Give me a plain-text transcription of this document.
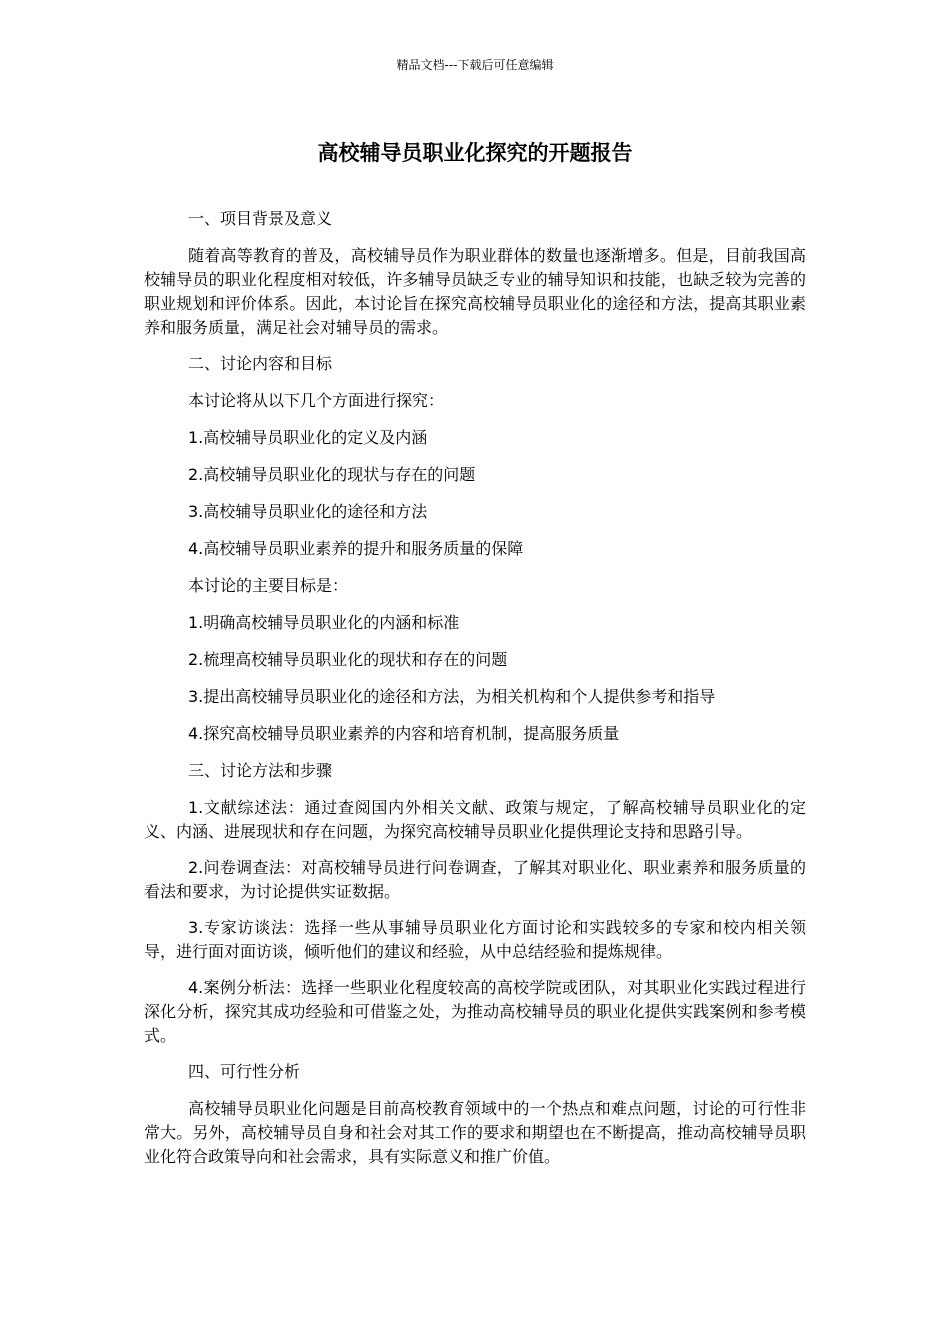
精品文档---下载后可任意编辑
高校辅导员职业化探究的开题报告

一、项目背景及意义

随着高等教育的普及，高校辅导员作为职业群体的数量也逐渐增多。但是，目前我国高校辅导员的职业化程度相对较低，许多辅导员缺乏专业的辅导知识和技能，也缺乏较为完善的职业规划和评价体系。因此，本讨论旨在探究高校辅导员职业化的途径和方法，提高其职业素养和服务质量，满足社会对辅导员的需求。

二、讨论内容和目标

本讨论将从以下几个方面进行探究：

1.高校辅导员职业化的定义及内涵

2.高校辅导员职业化的现状与存在的问题

3.高校辅导员职业化的途径和方法

4.高校辅导员职业素养的提升和服务质量的保障

本讨论的主要目标是：

1.明确高校辅导员职业化的内涵和标准

2.梳理高校辅导员职业化的现状和存在的问题

3.提出高校辅导员职业化的途径和方法，为相关机构和个人提供参考和指导

4.探究高校辅导员职业素养的内容和培育机制，提高服务质量

三、讨论方法和步骤

1.文献综述法：通过查阅国内外相关文献、政策与规定，了解高校辅导员职业化的定义、内涵、进展现状和存在问题，为探究高校辅导员职业化提供理论支持和思路引导。

2.问卷调查法：对高校辅导员进行问卷调查，了解其对职业化、职业素养和服务质量的看法和要求，为讨论提供实证数据。

3.专家访谈法：选择一些从事辅导员职业化方面讨论和实践较多的专家和校内相关领导，进行面对面访谈，倾听他们的建议和经验，从中总结经验和提炼规律。

4.案例分析法：选择一些职业化程度较高的高校学院或团队，对其职业化实践过程进行深化分析，探究其成功经验和可借鉴之处，为推动高校辅导员的职业化提供实践案例和参考模式。

四、可行性分析

高校辅导员职业化问题是目前高校教育领域中的一个热点和难点问题，讨论的可行性非常大。另外，高校辅导员自身和社会对其工作的要求和期望也在不断提高，推动高校辅导员职业化符合政策导向和社会需求，具有实际意义和推广价值。
